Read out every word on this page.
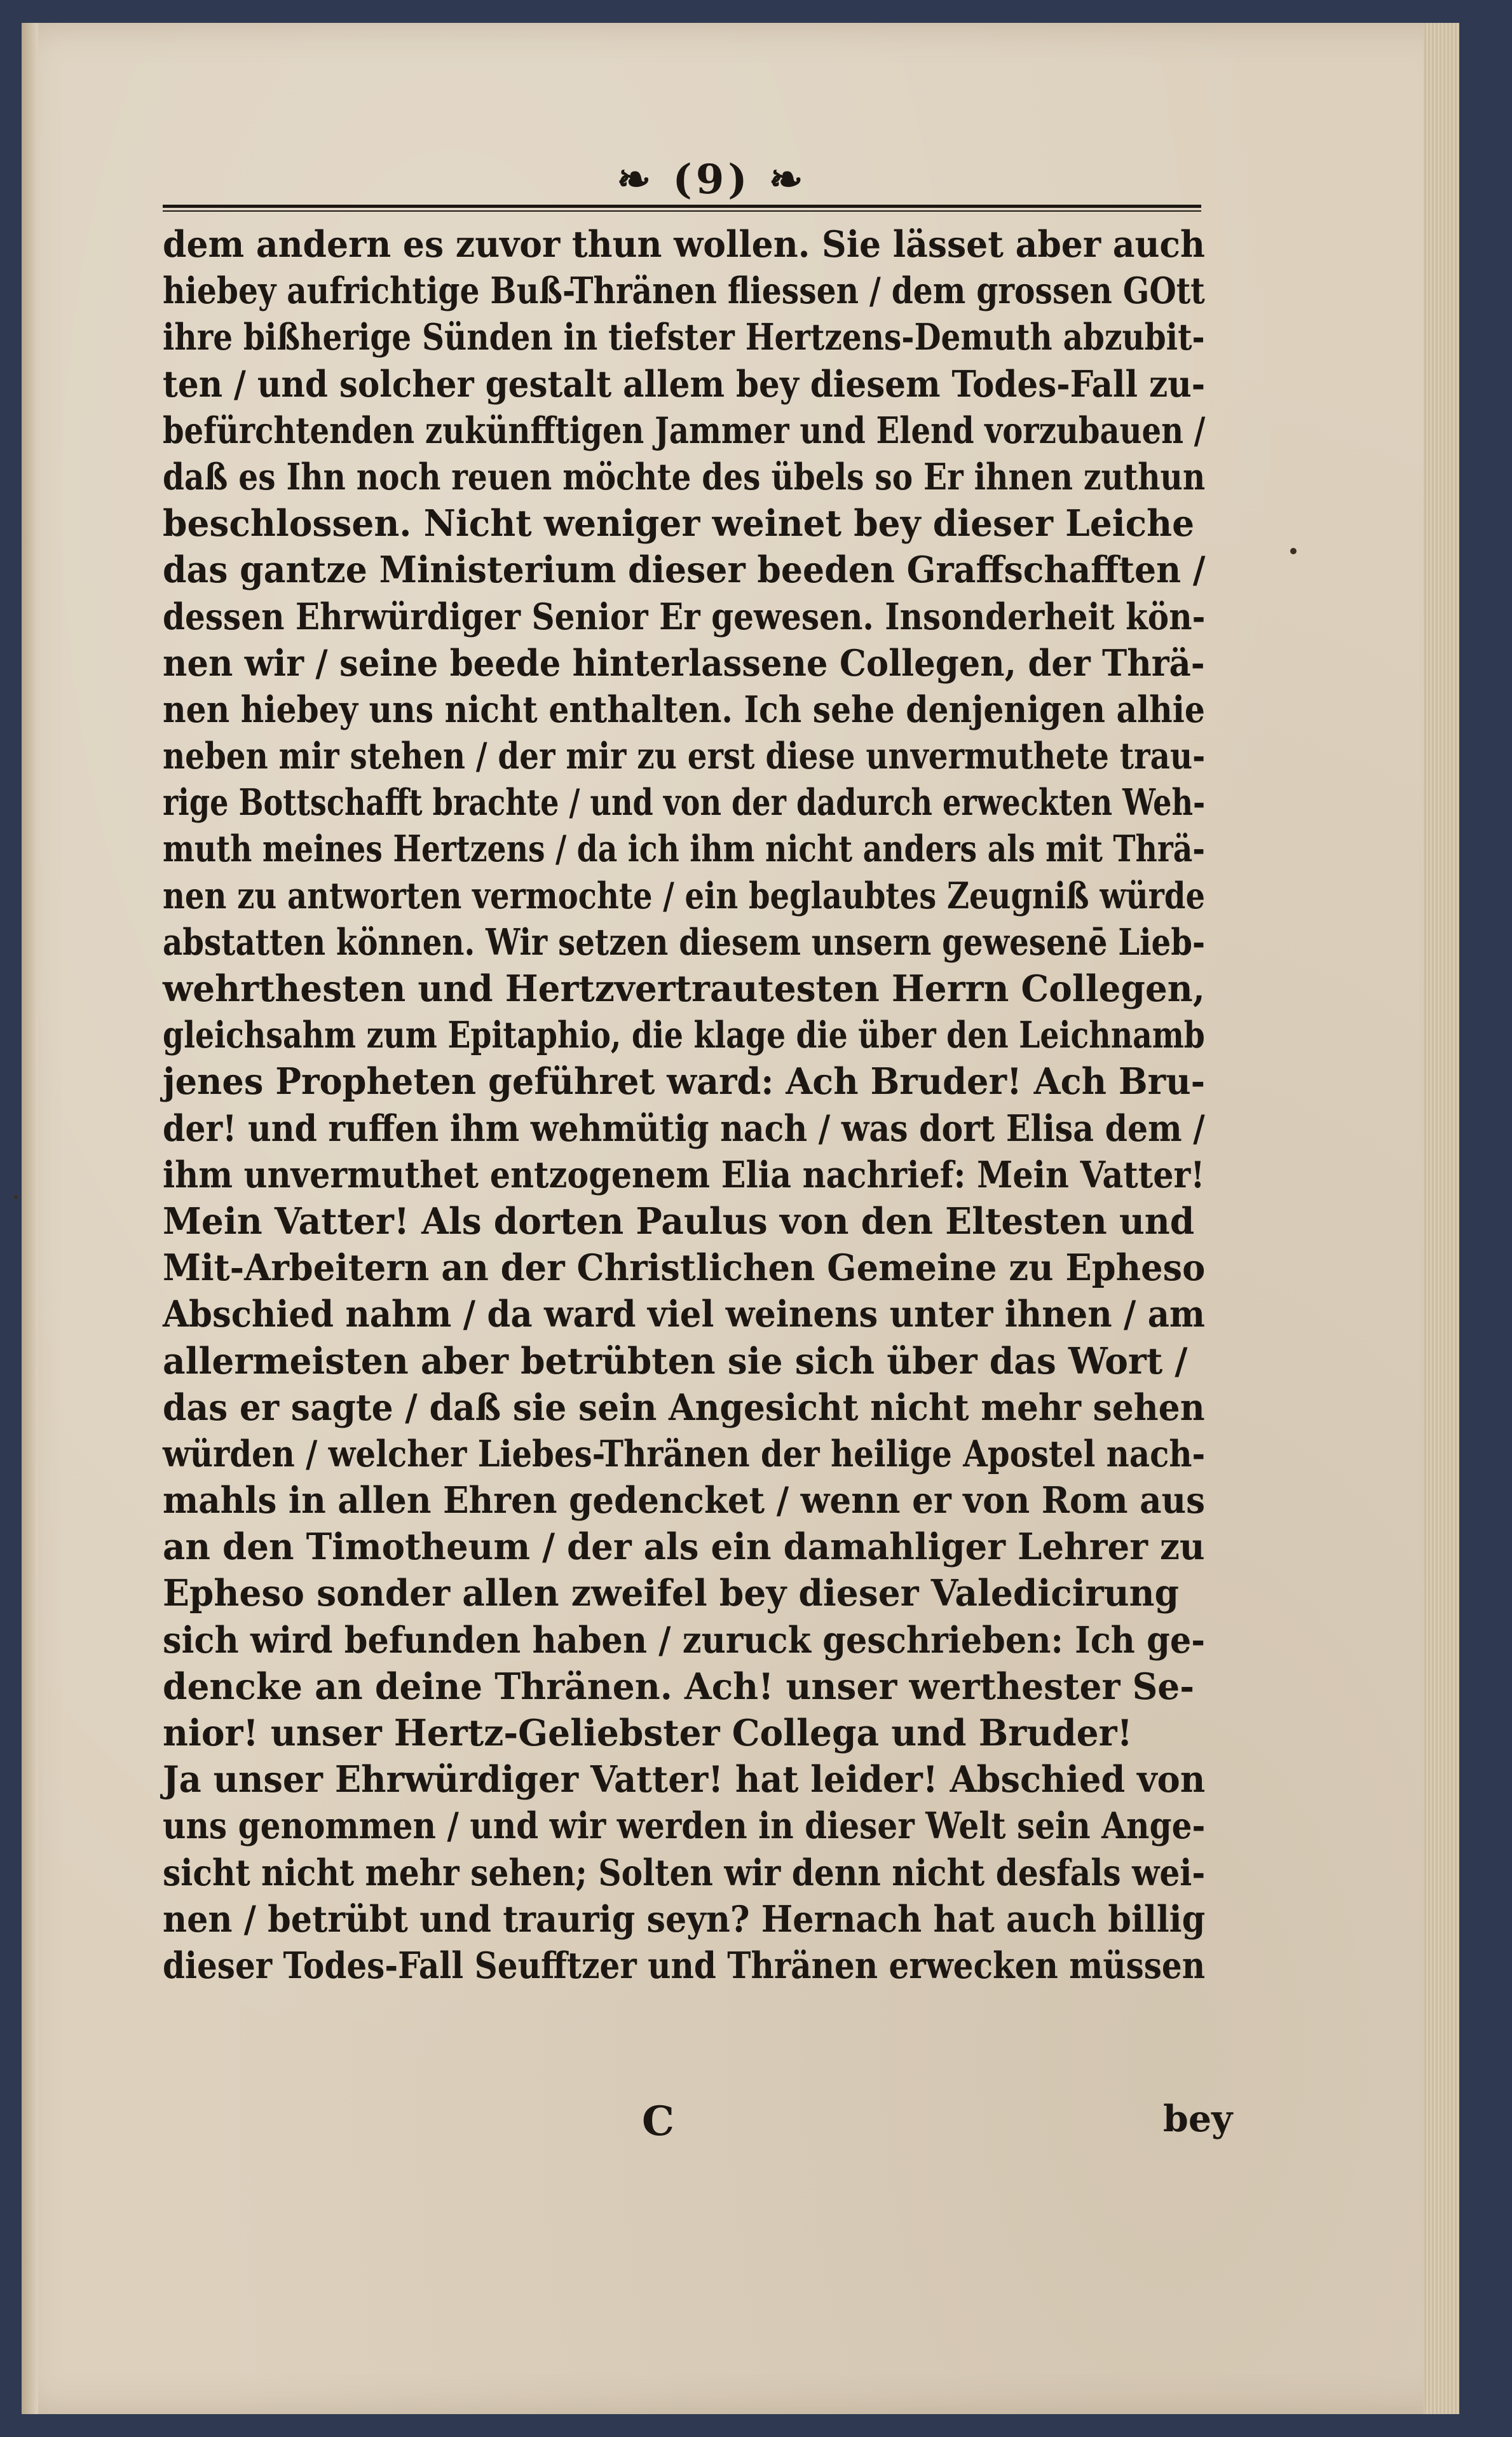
❧ (9) ❧
dem andern es zuvor thun wollen. Sie lässet aber auch
hiebey aufrichtige Buß-Thränen fliessen / dem grossen GOtt
ihre bißherige Sünden in tiefster Hertzens-Demuth abzubit-
ten / und solcher gestalt allem bey diesem Todes-Fall zu-
befürchtenden zukünfftigen Jammer und Elend vorzubauen /
daß es Ihn noch reuen möchte des übels so Er ihnen zuthun
beschlossen. Nicht weniger weinet bey dieser Leiche
das gantze Ministerium dieser beeden Graffschafften /
dessen Ehrwürdiger Senior Er gewesen. Insonderheit kön-
nen wir / seine beede hinterlassene Collegen, der Thrä-
nen hiebey uns nicht enthalten. Ich sehe denjenigen alhie
neben mir stehen / der mir zu erst diese unvermuthete trau-
rige Bottschafft brachte / und von der dadurch erweckten Weh-
muth meines Hertzens / da ich ihm nicht anders als mit Thrä-
nen zu antworten vermochte / ein beglaubtes Zeugniß würde
abstatten können. Wir setzen diesem unsern gewesenē Lieb-
wehrthesten und Hertzvertrautesten Herrn Collegen,
gleichsahm zum Epitaphio, die klage die über den Leichnamb
jenes Propheten geführet ward: Ach Bruder! Ach Bru-
der! und ruffen ihm wehmütig nach / was dort Elisa dem /
ihm unvermuthet entzogenem Elia nachrief: Mein Vatter!
Mein Vatter! Als dorten Paulus von den Eltesten und
Mit-Arbeitern an der Christlichen Gemeine zu Epheso
Abschied nahm / da ward viel weinens unter ihnen / am
allermeisten aber betrübten sie sich über das Wort /
das er sagte / daß sie sein Angesicht nicht mehr sehen
würden / welcher Liebes-Thränen der heilige Apostel nach-
mahls in allen Ehren gedencket / wenn er von Rom aus
an den Timotheum / der als ein damahliger Lehrer zu
Epheso sonder allen zweifel bey dieser Valedicirung
sich wird befunden haben / zuruck geschrieben: Ich ge-
dencke an deine Thränen. Ach! unser werthester Se-
nior! unser Hertz-Geliebster Collega und Bruder!
Ja unser Ehrwürdiger Vatter! hat leider! Abschied von
uns genommen / und wir werden in dieser Welt sein Ange-
sicht nicht mehr sehen; Solten wir denn nicht desfals wei-
nen / betrübt und traurig seyn? Hernach hat auch billig
dieser Todes-Fall Seufftzer und Thränen erwecken müssen
C	bey
